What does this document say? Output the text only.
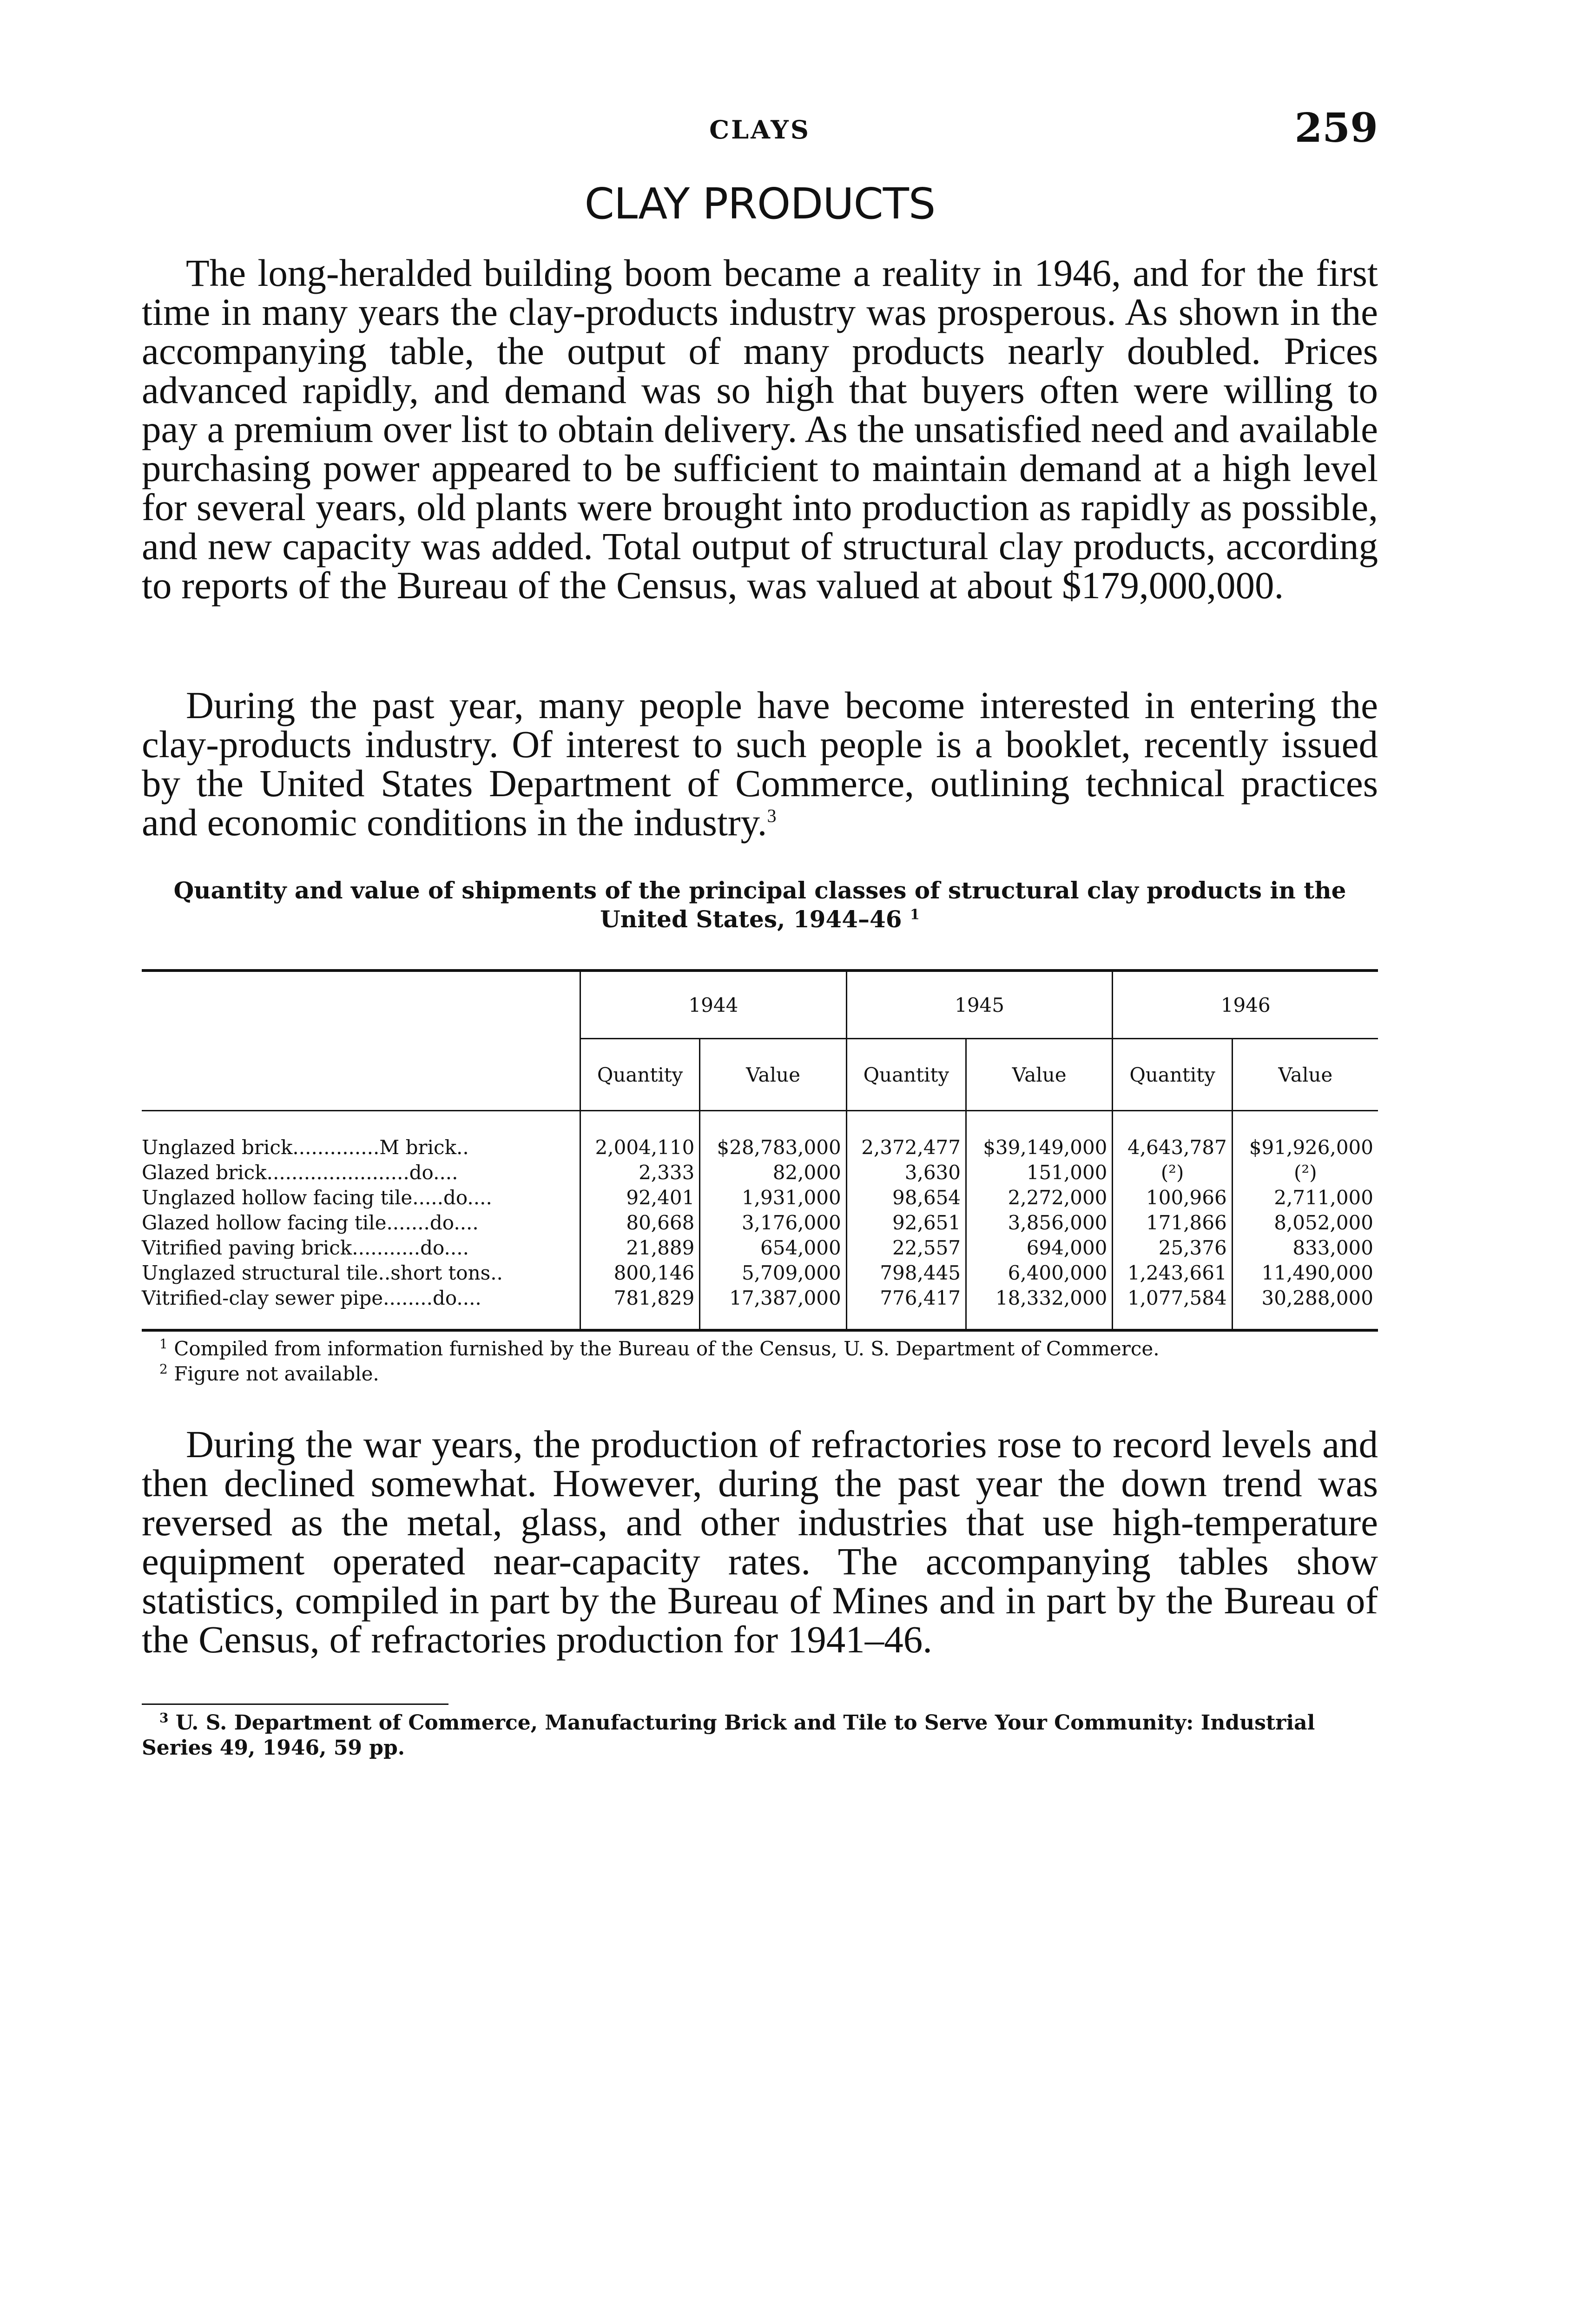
CLAYS	259
CLAY PRODUCTS

The long-heralded building boom became a reality in 1946, and for the first time in many years the clay-products industry was prosperous. As shown in the accompanying table, the output of many products nearly doubled. Prices advanced rapidly, and demand was so high that buyers often were willing to pay a premium over list to obtain delivery. As the unsatisfied need and available purchasing power appeared to be sufficient to maintain demand at a high level for several years, old plants were brought into production as rapidly as possible, and new capacity was added. Total output of structural clay products, according to reports of the Bureau of the Census, was valued at about $179,000,000.

During the past year, many people have become interested in entering the clay-products industry. Of interest to such people is a booklet, recently issued by the United States Department of Commerce, outlining technical practices and economic conditions in the industry.$^3$

Quantity and value of shipments of the principal classes of structural clay products in the United States, 1944–46 $^1$
	1944		1945		1946	
	Quantity	Value	Quantity	Value	Quantity	Value
Unglazed brick..............M brick..	2,004,110	$28,783,000	2,372,477	$39,149,000	4,643,787	$91,926,000
Glazed brick.......................do....	2,333	82,000	3,630	151,000	(²)	(²)
Unglazed hollow facing tile.....do....	92,401	1,931,000	98,654	2,272,000	100,966	2,711,000
Glazed hollow facing tile.......do....	80,668	3,176,000	92,651	3,856,000	171,866	8,052,000
Vitrified paving brick...........do....	21,889	654,000	22,557	694,000	25,376	833,000
Unglazed structural tile..short tons..	800,146	5,709,000	798,445	6,400,000	1,243,661	11,490,000
Vitrified-clay sewer pipe........do....	781,829	17,387,000	776,417	18,332,000	1,077,584	30,288,000
$^1$ Compiled from information furnished by the Bureau of the Census, U. S. Department of Commerce.
$^2$ Figure not available.

During the war years, the production of refractories rose to record levels and then declined somewhat. However, during the past year the down trend was reversed as the metal, glass, and other industries that use high-temperature equipment operated near-capacity rates. The accompanying tables show statistics, compiled in part by the Bureau of Mines and in part by the Bureau of the Census, of refractories production for 1941–46.

$^3$ U. S. Department of Commerce, Manufacturing Brick and Tile to Serve Your Community: Industrial Series 49, 1946, 59 pp.
